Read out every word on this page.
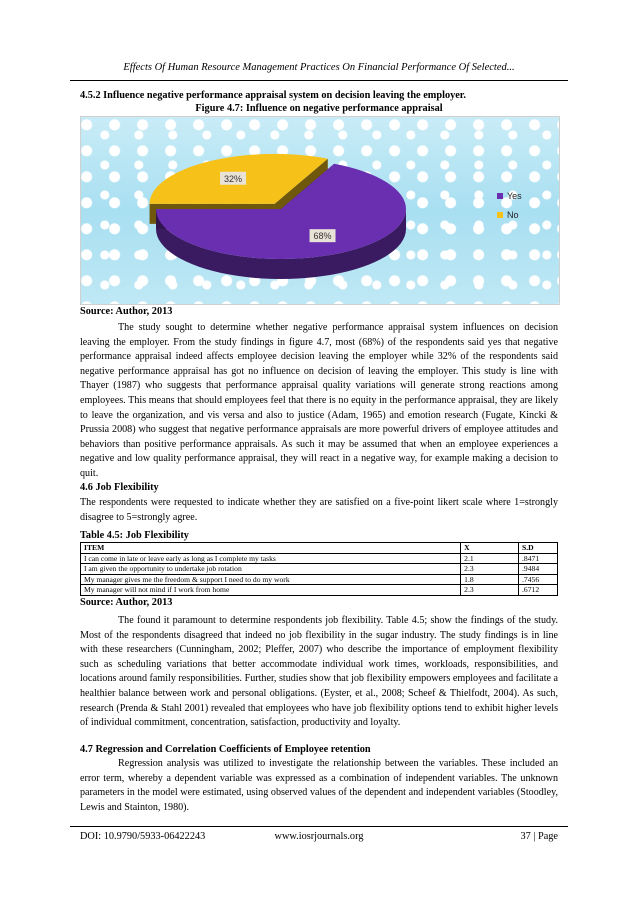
Effects Of Human Resource Management Practices On Financial Performance Of Selected...
4.5.2 Influence negative performance appraisal system on decision leaving the employer.
Figure 4.7: Influence on negative performance appraisal
32%
68%
Yes
No
Source: Author, 2013

The study sought to determine whether negative performance appraisal system influences on decision leaving the employer. From the study findings in figure 4.7, most (68%) of the respondents said yes that negative performance appraisal indeed affects employee decision leaving the employer while 32% of the respondents said negative performance appraisal has got no influence on decision of leaving the employer. This study is line with Thayer (1987) who suggests that performance appraisal quality variations will generate strong reactions among employees. This means that should employees feel that there is no equity in the performance appraisal, they are likely to leave the organization, and vis versa and also to justice (Adam, 1965) and emotion research (Fugate, Kincki & Prussia 2008) who suggest that negative performance appraisals are more powerful drivers of employee attitudes and behaviors than positive performance appraisals. As such it may be assumed that when an employee experiences a negative and low quality performance appraisal, they will react in a negative way, for example making a decision to quit.

4.6 Job Flexibility

The respondents were requested to indicate whether they are satisfied on a five-point likert scale where 1=strongly disagree to 5=strongly agree.

Table 4.5: Job Flexibility
ITEM	X	S.D
I can come in late or leave early as long as I complete my tasks	2.1	.8471
I am given the opportunity to undertake job rotation	2.3	.9484
My manager gives me the freedom & support I need to do my work	1.8	.7456
My manager will not mind if I work from home	2.3	.6712
Source: Author, 2013

The found it paramount to determine respondents job flexibility. Table 4.5; show the findings of the study. Most of the respondents disagreed that indeed no job flexibility in the sugar industry. The study findings is in line with these researchers (Cunningham, 2002; Pleffer, 2007) who describe the importance of employment flexibility such as scheduling variations that better accommodate individual work times, workloads, responsibilities, and locations around family responsibilities. Further, studies show that job flexibility empowers employees and facilitate a healthier balance between work and personal obligations. (Eyster, et al., 2008; Scheef & Thielfodt, 2004). As such, research (Prenda & Stahl 2001) revealed that employees who have job flexibility options tend to exhibit higher levels of individual commitment, concentration, satisfaction, productivity and loyalty.

4.7 Regression and Correlation Coefficients of Employee retention

Regression analysis was utilized to investigate the relationship between the variables. These included an error term, whereby a dependent variable was expressed as a combination of independent variables. The unknown parameters in the model were estimated, using observed values of the dependent and independent variables (Stoodley, Lewis and Stainton, 1980).

DOI: 10.9790/5933-06422243	www.iosrjournals.org	37 | Page
